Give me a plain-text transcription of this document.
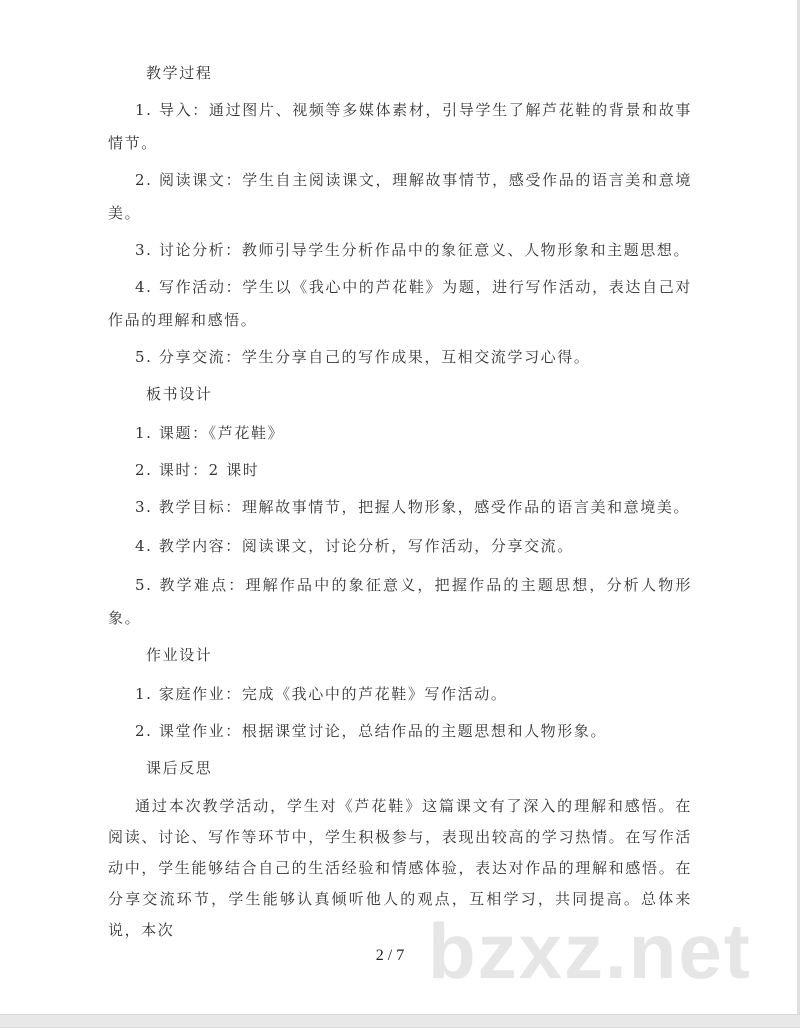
教学过程
1. 导入：通过图片、视频等多媒体素材，引导学生了解芦花鞋的背景和故事情节。
2. 阅读课文：学生自主阅读课文，理解故事情节，感受作品的语言美和意境美。
3. 讨论分析：教师引导学生分析作品中的象征意义、人物形象和主题思想。
4. 写作活动：学生以《我心中的芦花鞋》为题，进行写作活动，表达自己对作品的理解和感悟。
5. 分享交流：学生分享自己的写作成果，互相交流学习心得。
板书设计
1. 课题：《芦花鞋》
2. 课时：2 课时
3. 教学目标：理解故事情节，把握人物形象，感受作品的语言美和意境美。
4. 教学内容：阅读课文，讨论分析，写作活动，分享交流。
5. 教学难点：理解作品中的象征意义，把握作品的主题思想，分析人物形象。
作业设计
1. 家庭作业：完成《我心中的芦花鞋》写作活动。
2. 课堂作业：根据课堂讨论，总结作品的主题思想和人物形象。
课后反思
通过本次教学活动，学生对《芦花鞋》这篇课文有了深入的理解和感悟。在阅读、讨论、写作等环节中，学生积极参与，表现出较高的学习热情。在写作活动中，学生能够结合自己的生活经验和情感体验，表达对作品的理解和感悟。在分享交流环节，学生能够认真倾听他人的观点，互相学习，共同提高。总体来说，本次	bzxz.net
2 / 7
